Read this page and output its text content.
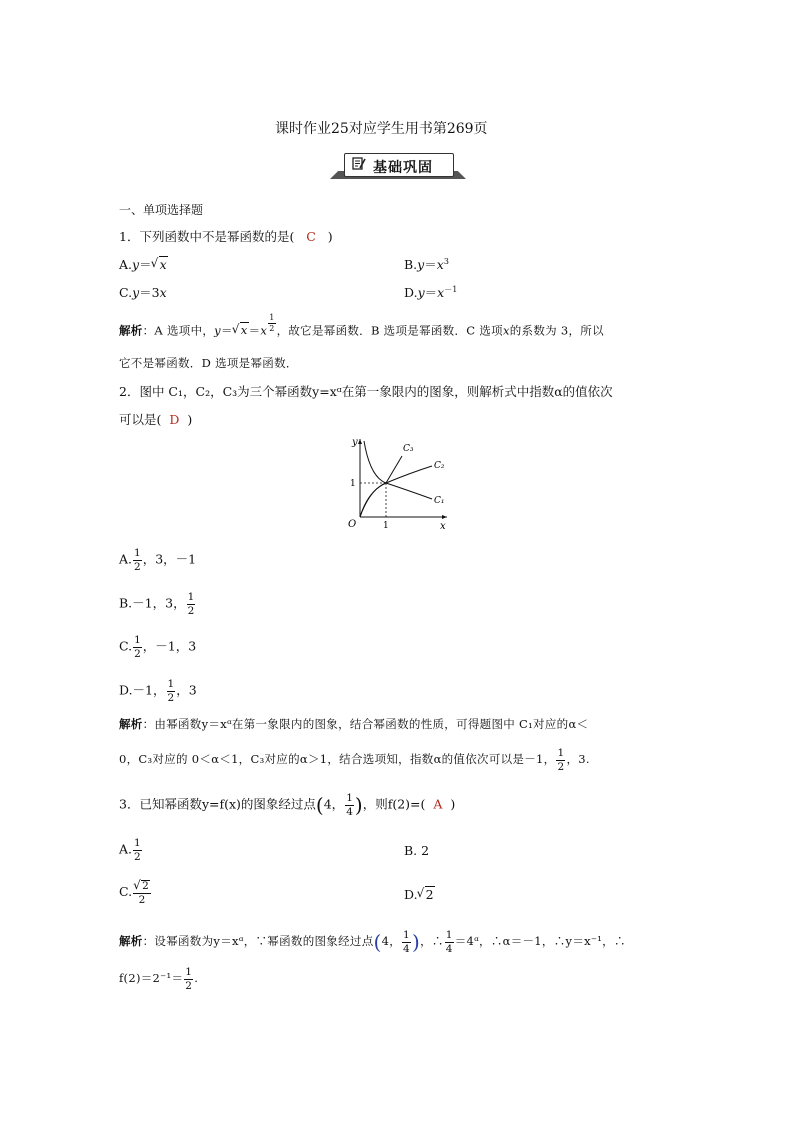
课时作业25对应学生用书第269页
基础巩固
一、单项选择题
1．下列函数中不是幂函数的是( C )
A.y＝ √ x	$B.y=x^3$
C.y＝3x	$D.y=x^{-1}$
解析：A 选项中，y＝ √ x＝x $^{\frac{1}{2}}$ ，故它是幂函数．B 选项是幂函数．C 选项x的系数为 3，所以
它不是幂函数．D 选项是幂函数．
2．图中 C₁，C₂，C₃为三个幂函数y=xᵅ在第一象限内的图象，则解析式中指数α的值依次
可以是( D )
y
x
O	1
1
C₃
C₂
C₁
A. $\frac{1}{2}$ ，3，－1
B.－1，3， $\frac{1}{2}$
C. $\frac{1}{2}$ ，－1，3
D.－1， $\frac{1}{2}$ ，3
解析：由幂函数y＝xᵅ在第一象限内的图象，结合幂函数的性质，可得题图中 C₁对应的α＜
0，C₃对应的 0＜α＜1，C₃对应的α＞1，结合选项知，指数α的值依次可以是－1， $\frac{1}{2}$ ，3.
3．已知幂函数y=f(x)的图象经过点(4， $\frac{1}{4}$ )，则f(2)=( A )
A. $\frac{1}{2}$	B. 2
C. √ $\frac{2}{2}$	D. √ 2
解析：设幂函数为y＝xᵅ，∵幂函数的图象经过点(4， $\frac{1}{4}$ )，∴ $\frac{1}{4}$ ＝4ᵅ，∴α＝－1，∴y＝x⁻¹，∴
$f(2)=2^{-1}= \frac{1}{2}$ .
